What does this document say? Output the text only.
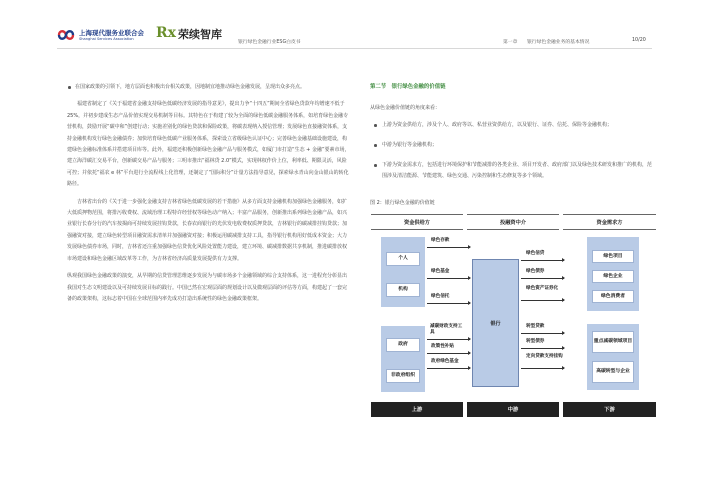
上海现代服务业联合会
Shanghai Services Association Rx 荣续智库
银行绿色金融行业ESG白皮书	第一章 银行绿色金融业务的基本情况	10/20

在国家政策的引领下，地方层面也积极出台相关政策，因地制宜地推动绿色金融发展，呈现出众多亮点。

福建省制定了《关于福建省金融支持绿色低碳经济发展的指导意见》，提出力争“十四五”期间全省绿色贷款年均增速不低于 25%，并初步建成生态产品价值实现交易机制等目标。其特色在于构建了较为全面的绿色低碳金融服务体系，如培育绿色金融专营机构，鼓励开展“碳中和”创建行动；实施差别化的绿色贷款和保险政策，将碳表现纳入授信管理；发展绿色直接融资体系，支持金融机构发行绿色金融债券；加快培育绿色低碳产业服务体系，探索设立省级绿色认证中心；完善绿色金融基础设施建设，构建绿色金融标准体系并搭建项目库等。此外，福建还积极创新绿色金融产品与服务模式，如厦门市打造“生态 + 金融”要素市场，建立海洋碳汇交易平台，创新碳交易产品与服务；三明市推出“福林贷 2.0”模式，实现林权作价上位，利率低、期限灵活，风险可控；并依托“福农 e 林”平台进行全流程线上化管理，还制定了“国际积分”计量方法指导意见，探索绿水青山向金山银山的转化路径。

吉林省出台的《关于进一步强化金融支持吉林省绿色低碳发展的若干措施》从多方面支持金融机构加强绿色金融服务，如扩大低质押物范围，将排污收费权、流域治理工程特许经营权等绿色动产纳入；丰富产品服务，创新推出系列绿色金融产品，如兴业银行长春分行的汽车按揭商可持续发展挂钩贷款，长春农商银行的光伏发电收费权质押贷款，吉林银行的碳减排挂钩贷款；加强融资对接，建立绿色转型项目融资需求清单并加强融资对接；积极运用碳减排支持工具，指导银行机构用好低成本资金；大力发展绿色债券市场，同时，吉林省还注重加强绿色信贷优化风险处置能力建设，建立环境、碳减排数据共享机制，推进碳排放权市场建设和绿色金融区域改革等工作，为吉林省经济高质量发展提供有力支撑。

纵观我国绿色金融政策的演变，从早期的信贷管理思维逐步发展为与碳市场多个金融领域的综合支持体系，这一进程充分彰显出我国对生态文明建设以及可持续发展目标的践行。中国已然在宏观层面的规划设计以及微观层面的评估等方面，构建起了一套完备的政策架构，这标志着中国在全球范围内率先成功打造出系统性的绿色金融政策框架。

第二节　银行绿色金融的价值链
从绿色金融价值链的角度来看：
上游为资金供给方，涉及个人、政府等以、私营业资供给方，以及银行、证券、信托、保险等金融机构；
中游为银行等金融机构；
下游为资金需求方，包括进行环境保护和节能减排的各类企业、项目开发者、政府部门以及绿色技术研发和推广的机构，范围涉及清洁能源、节能建筑、绿色交通、污染控制和生态修复等多个领域。
图 2：银行绿色金融的价值链
资金供给方	投融资中介	资金需求方
个人
机构
政府
非政府组织
银行
绿色存款
绿色基金
绿色信托
减碳财政支持工具
政策性补贴
政府绿色基金
绿色信贷
绿色债券
绿色资产证券化
转型贷款
转型债券
定向贷款支持挂钩
绿色项目
绿色企业
绿色消费者
重点减碳领域项目
高碳转型与企业
上游	中游	下游
